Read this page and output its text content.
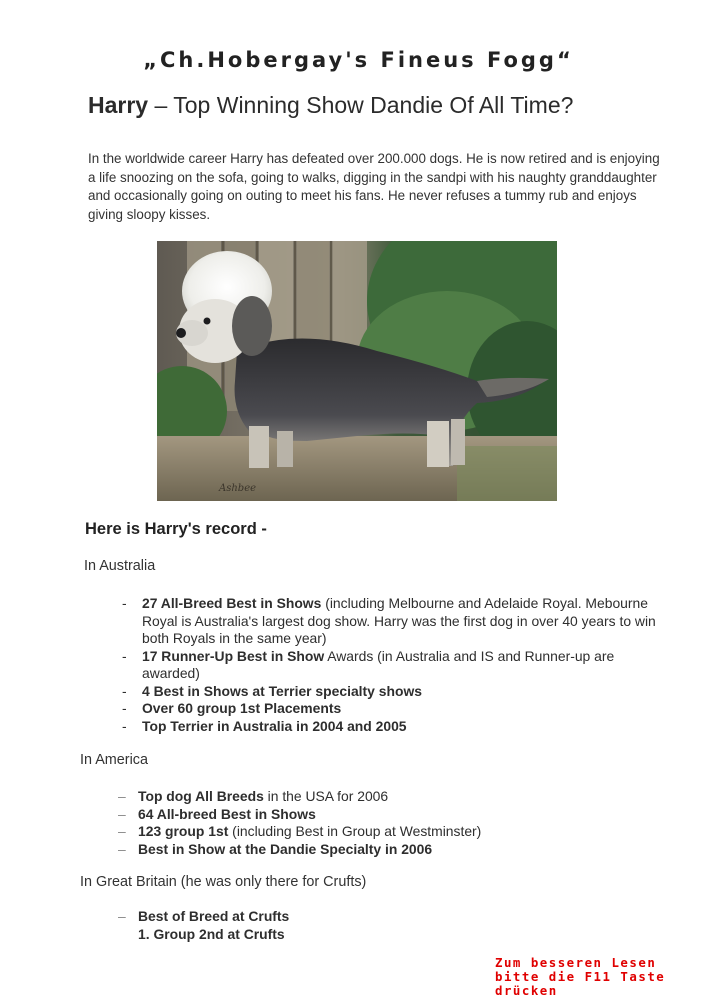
„Ch.Hobergay's Fineus Fogg“
Harry – Top Winning Show Dandie Of All Time?

In the worldwide career Harry has defeated over 200.000 dogs. He is now retired and is enjoying a life snoozing on the sofa, going to walks, digging in the sandpi with his naughty granddaughter and occasionally going on outing to meet his fans. He never refuses a tummy rub and enjoys giving sloopy kisses.

Ashbee
Here is Harry's record -
In Australia
- 27 All-Breed Best in Shows (including Melbourne and Adelaide Royal. Mebourne Royal is Australia's largest dog show. Harry was the first dog in over 40 years to win both Royals in the same year)
- 17 Runner-Up Best in Show Awards (in Australia and IS and Runner-up are awarded)
- 4 Best in Shows at Terrier specialty shows
- Over 60 group 1st Placements
- Top Terrier in Australia in 2004 and 2005
In America
– Top dog All Breeds in the USA for 2006
– 64 All-breed Best in Shows
– 123 group 1st (including Best in Group at Westminster)
– Best in Show at the Dandie Specialty in 2006
In Great Britain (he was only there for Crufts)
– Best of Breed at Crufts
1. Group 2nd at Crufts
Zum besseren Lesen
bitte die F11 Taste
drücken
